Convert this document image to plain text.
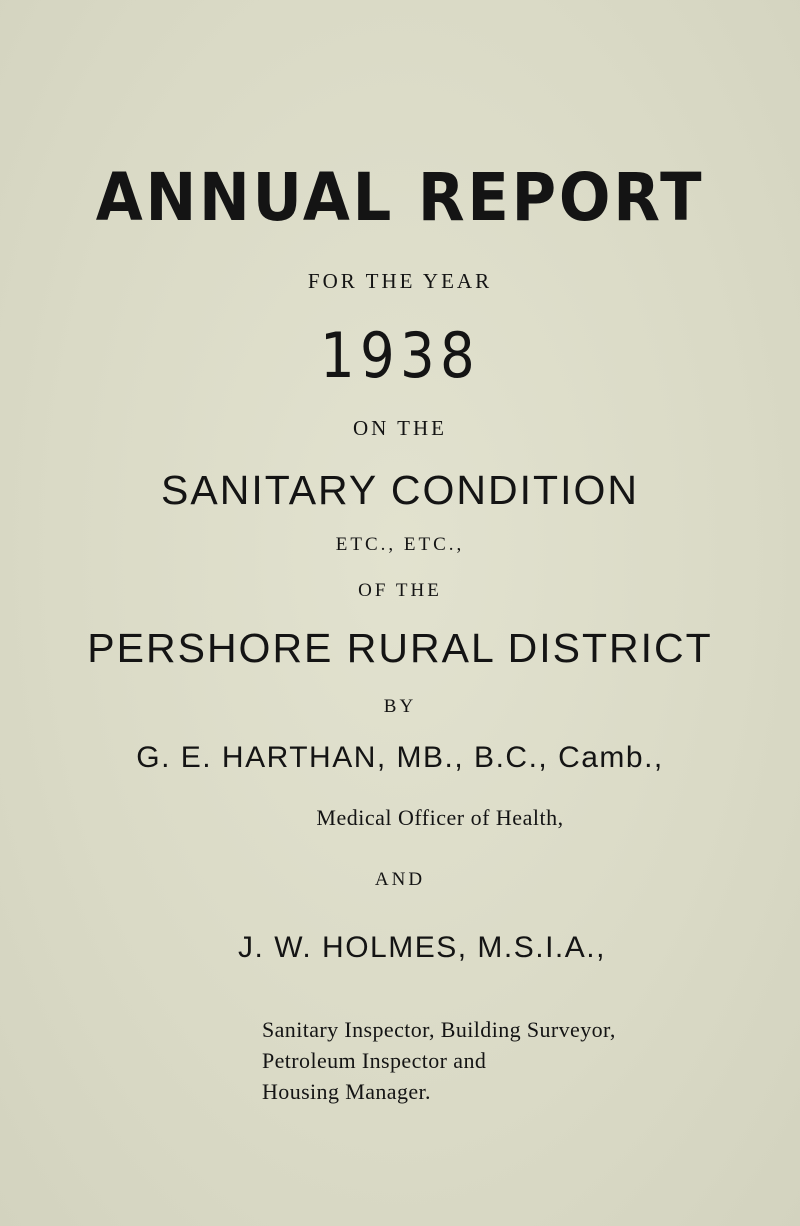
ANNUAL REPORT
FOR THE YEAR
1938
ON THE
SANITARY CONDITION
ETC., ETC.,
OF THE
PERSHORE RURAL DISTRICT
BY
G. E. HARTHAN, MB., B.C., Camb.,
Medical Officer of Health,
AND
J. W. HOLMES, M.S.I.A.,
Sanitary Inspector, Building Surveyor,
Petroleum Inspector and
Housing Manager.
